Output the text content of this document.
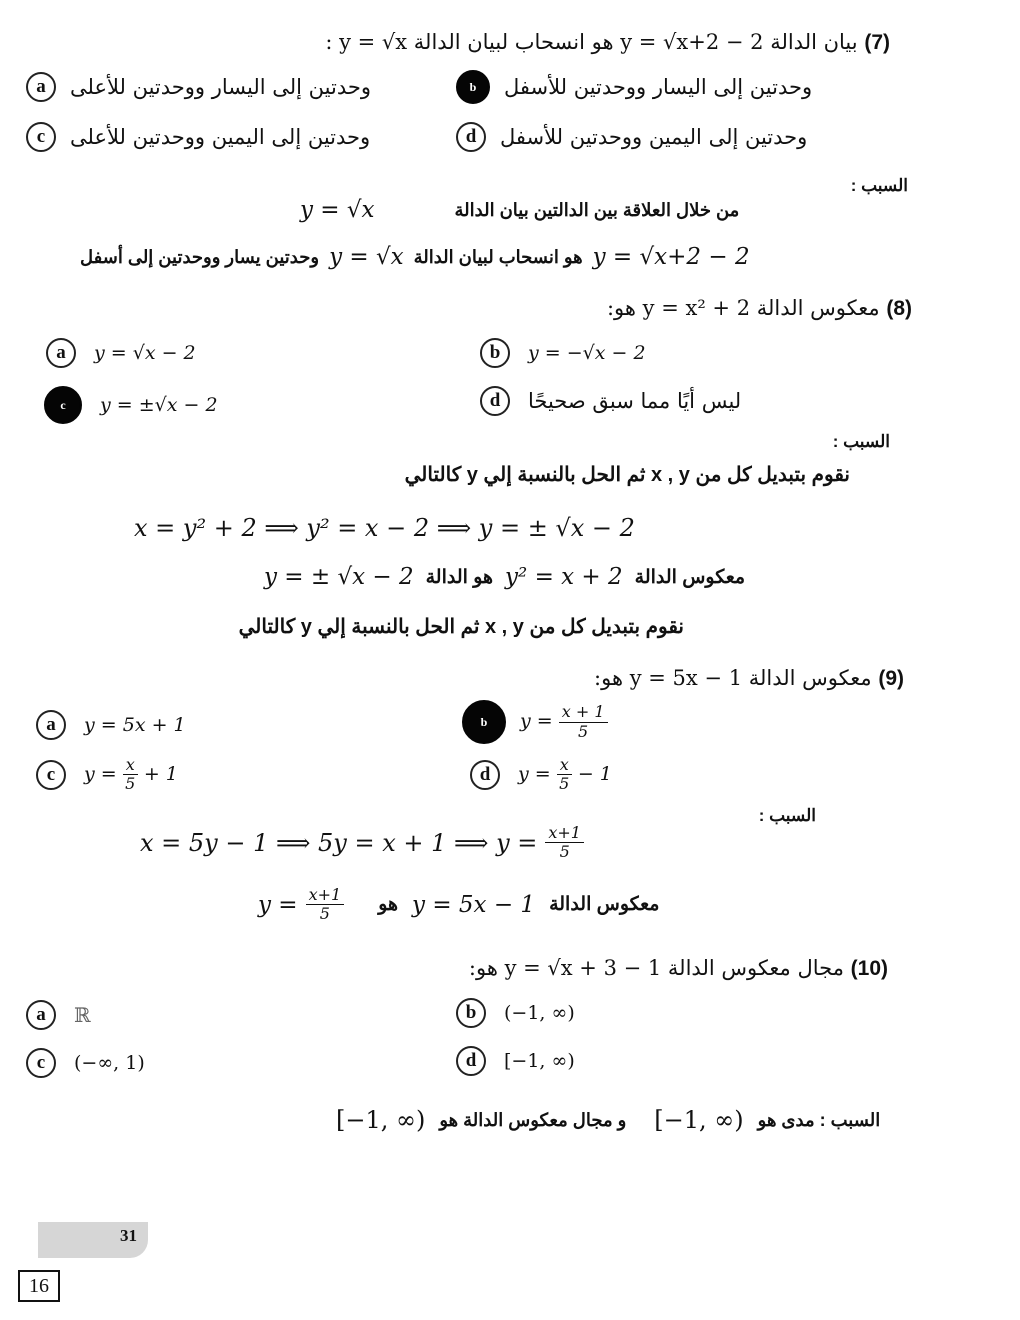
(7) بيان الدالة y = √x+2 − 2 هو انسحاب لبيان الدالة y = √x :
a	وحدتين إلى اليسار ووحدتين للأعلى	b	وحدتين إلى اليسار ووحدتين للأسفل
c	وحدتين إلى اليمين ووحدتين للأعلى	d	وحدتين إلى اليمين ووحدتين للأسفل
السبب :
y = √x	من خلال العلاقة بين الدالتين بيان الدالة
y = √x+2 − 2
هو انسحاب لبيان الدالة
y = √x
وحدتين يسار ووحدتين إلى أسفل
(8) معكوس الدالة y = x² + 2 هو:
a	y = √x − 2	b	y = −√x − 2
c	y = ±√x − 2	d	ليس أيًا مما سبق صحيحًا
السبب :
نقوم بتبديل كل من x , y ثم الحل بالنسبة إلي y كالتالي
x = y² + 2 ⟹ y² = x − 2 ⟹ y = ± √x − 2
معكوس الدالة
y² = x + 2
هو الدالة
y = ± √x − 2
نقوم بتبديل كل من x , y ثم الحل بالنسبة إلي y كالتالي
(9) معكوس الدالة y = 5x − 1 هو:
a	y = 5x + 1	b	$y = \frac{x + 1}{5}$
c	$y = \frac{x}{5} + 1$	d	$y = \frac{x}{5} - 1$
السبب :
x = 5y − 1 ⟹ 5y = x + 1 ⟹ $y = \frac{x+1}{5}$
معكوس الدالة
y = 5x − 1
هو
$y = \frac{x+1}{5}$
(10) مجال معكوس الدالة y = √x + 3 − 1 هو:
a	ℝ	b	(−1, ∞)
c	(−∞, 1)	d	[−1, ∞)
السبب : مدى هو
[−1, ∞)
و مجال معكوس الدالة هو
[−1, ∞)
31
16
